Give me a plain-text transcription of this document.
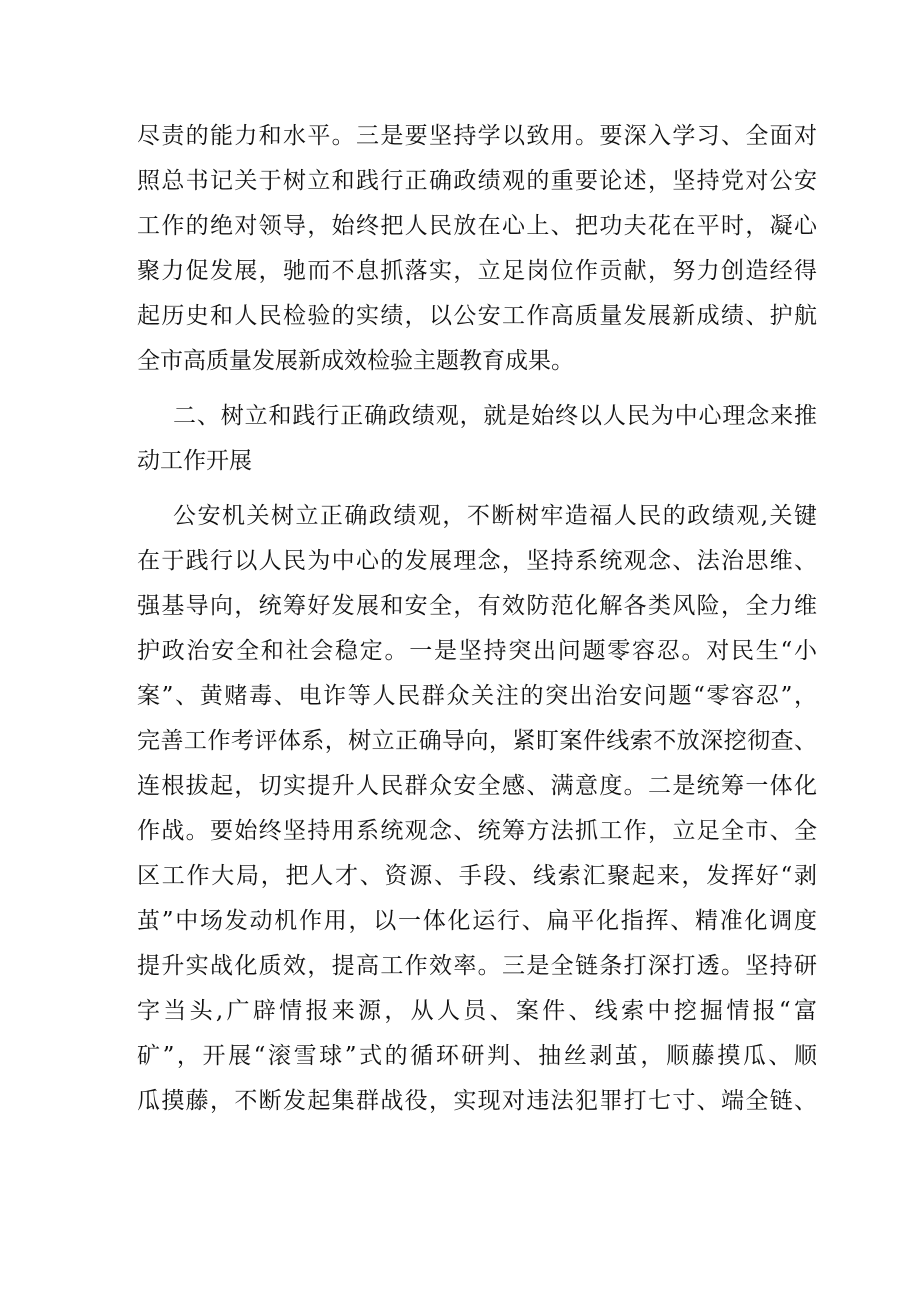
尽责的能力和水平。三是要坚持学以致用。要深入学习、全面对
照总书记关于树立和践行正确政绩观的重要论述，坚持党对公安
工作的绝对领导，始终把人民放在心上、把功夫花在平时，凝心
聚力促发展，驰而不息抓落实，立足岗位作贡献，努力创造经得
起历史和人民检验的实绩，以公安工作高质量发展新成绩、护航
全市高质量发展新成效检验主题教育成果。
二、树立和践行正确政绩观，就是始终以人民为中心理念来推
动工作开展
公安机关树立正确政绩观，不断树牢造福人民的政绩观,关键
在于践行以人民为中心的发展理念，坚持系统观念、法治思维、
强基导向，统筹好发展和安全，有效防范化解各类风险，全力维
护政治安全和社会稳定。一是坚持突出问题零容忍。对民生“小
案”、黄赌毒、电诈等人民群众关注的突出治安问题“零容忍”，
完善工作考评体系，树立正确导向，紧盯案件线索不放深挖彻查、
连根拔起，切实提升人民群众安全感、满意度。二是统筹一体化
作战。要始终坚持用系统观念、统筹方法抓工作，立足全市、全
区工作大局，把人才、资源、手段、线索汇聚起来，发挥好“剥
茧”中场发动机作用，以一体化运行、扁平化指挥、精准化调度
提升实战化质效，提高工作效率。三是全链条打深打透。坚持研
字当头,广辟情报来源，从人员、案件、线索中挖掘情报“富
矿”，开展“滚雪球”式的循环研判、抽丝剥茧，顺藤摸瓜、顺
瓜摸藤，不断发起集群战役，实现对违法犯罪打七寸、端全链、
